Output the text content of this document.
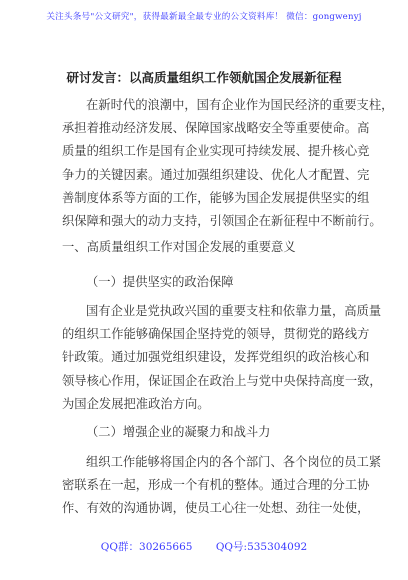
关注头条号"公文研究"，获得最新最全最专业的公文资料库！ 微信：gongwenyj
研讨发言：以高质量组织工作领航国企发展新征程

在新时代的浪潮中，国有企业作为国民经济的重要支柱，
承担着推动经济发展、保障国家战略安全等重要使命。高
质量的组织工作是国有企业实现可持续发展、提升核心竞
争力的关键因素。通过加强组织建设、优化人才配置、完
善制度体系等方面的工作，能够为国企发展提供坚实的组
织保障和强大的动力支持，引领国企在新征程中不断前行。

一、高质量组织工作对国企发展的重要意义
（一）提供坚实的政治保障

国有企业是党执政兴国的重要支柱和依靠力量，高质量
的组织工作能够确保国企坚持党的领导，贯彻党的路线方
针政策。通过加强党组织建设，发挥党组织的政治核心和
领导核心作用，保证国企在政治上与党中央保持高度一致，
为国企发展把准政治方向。

（二）增强企业的凝聚力和战斗力

组织工作能够将国企内的各个部门、各个岗位的员工紧
密联系在一起，形成一个有机的整体。通过合理的分工协
作、有效的沟通协调，使员工心往一处想、劲往一处使，

QQ群：30265665 QQ号:535304092
